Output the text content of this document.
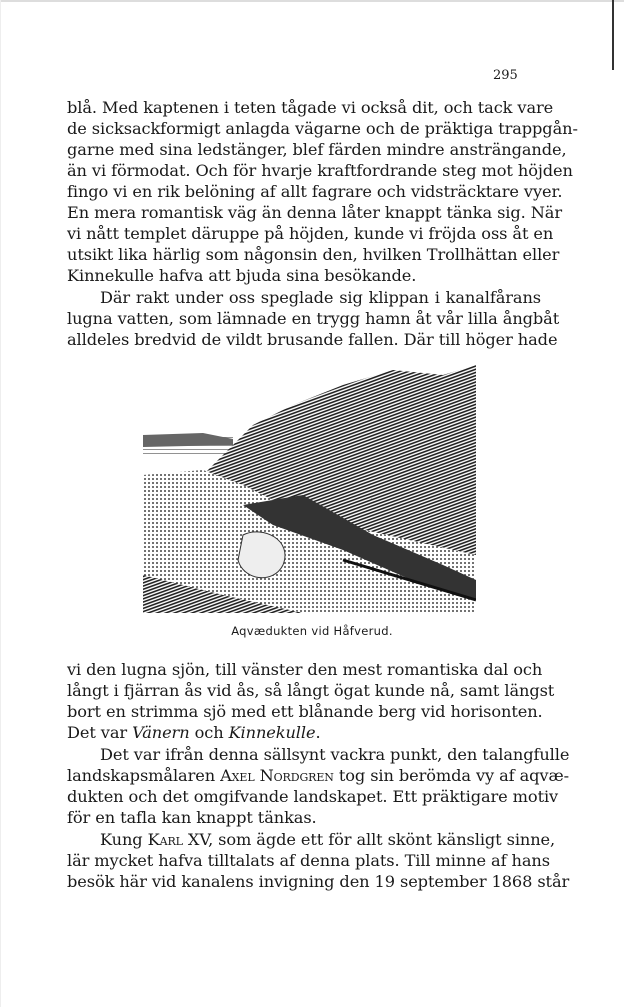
295
blå. Med kaptenen i teten tågade vi också dit, och tack vare
de sicksackformigt anlagda vägarne och de präktiga trappgån-
garne med sina ledstänger, blef färden mindre ansträngande,
än vi förmodat. Och för hvarje kraftfordrande steg mot höjden
fingo vi en rik belöning af allt fagrare och vidsträcktare vyer.
En mera romantisk väg än denna låter knappt tänka sig. När
vi nått templet däruppe på höjden, kunde vi fröjda oss åt en
utsikt lika härlig som någonsin den, hvilken Trollhättan eller
Kinnekulle hafva att bjuda sina besökande.
Där rakt under oss speglade sig klippan i kanalfårans
lugna vatten, som lämnade en trygg hamn åt vår lilla ångbåt
alldeles bredvid de vildt brusande fallen. Där till höger hade
Aqvædukten vid Håfverud.
vi den lugna sjön, till vänster den mest romantiska dal och
långt i fjärran ås vid ås, så långt ögat kunde nå, samt längst
bort en strimma sjö med ett blånande berg vid horisonten.
Det var Vänern och Kinnekulle.
Det var ifrån denna sällsynt vackra punkt, den talangfulle
landskapsmålaren Axel Nordgren tog sin berömda vy af aqvæ-
dukten och det omgifvande landskapet. Ett präktigare motiv
för en tafla kan knappt tänkas.
Kung Karl XV, som ägde ett för allt skönt känsligt sinne,
lär mycket hafva tilltalats af denna plats. Till minne af hans
besök här vid kanalens invigning den 19 september 1868 står
